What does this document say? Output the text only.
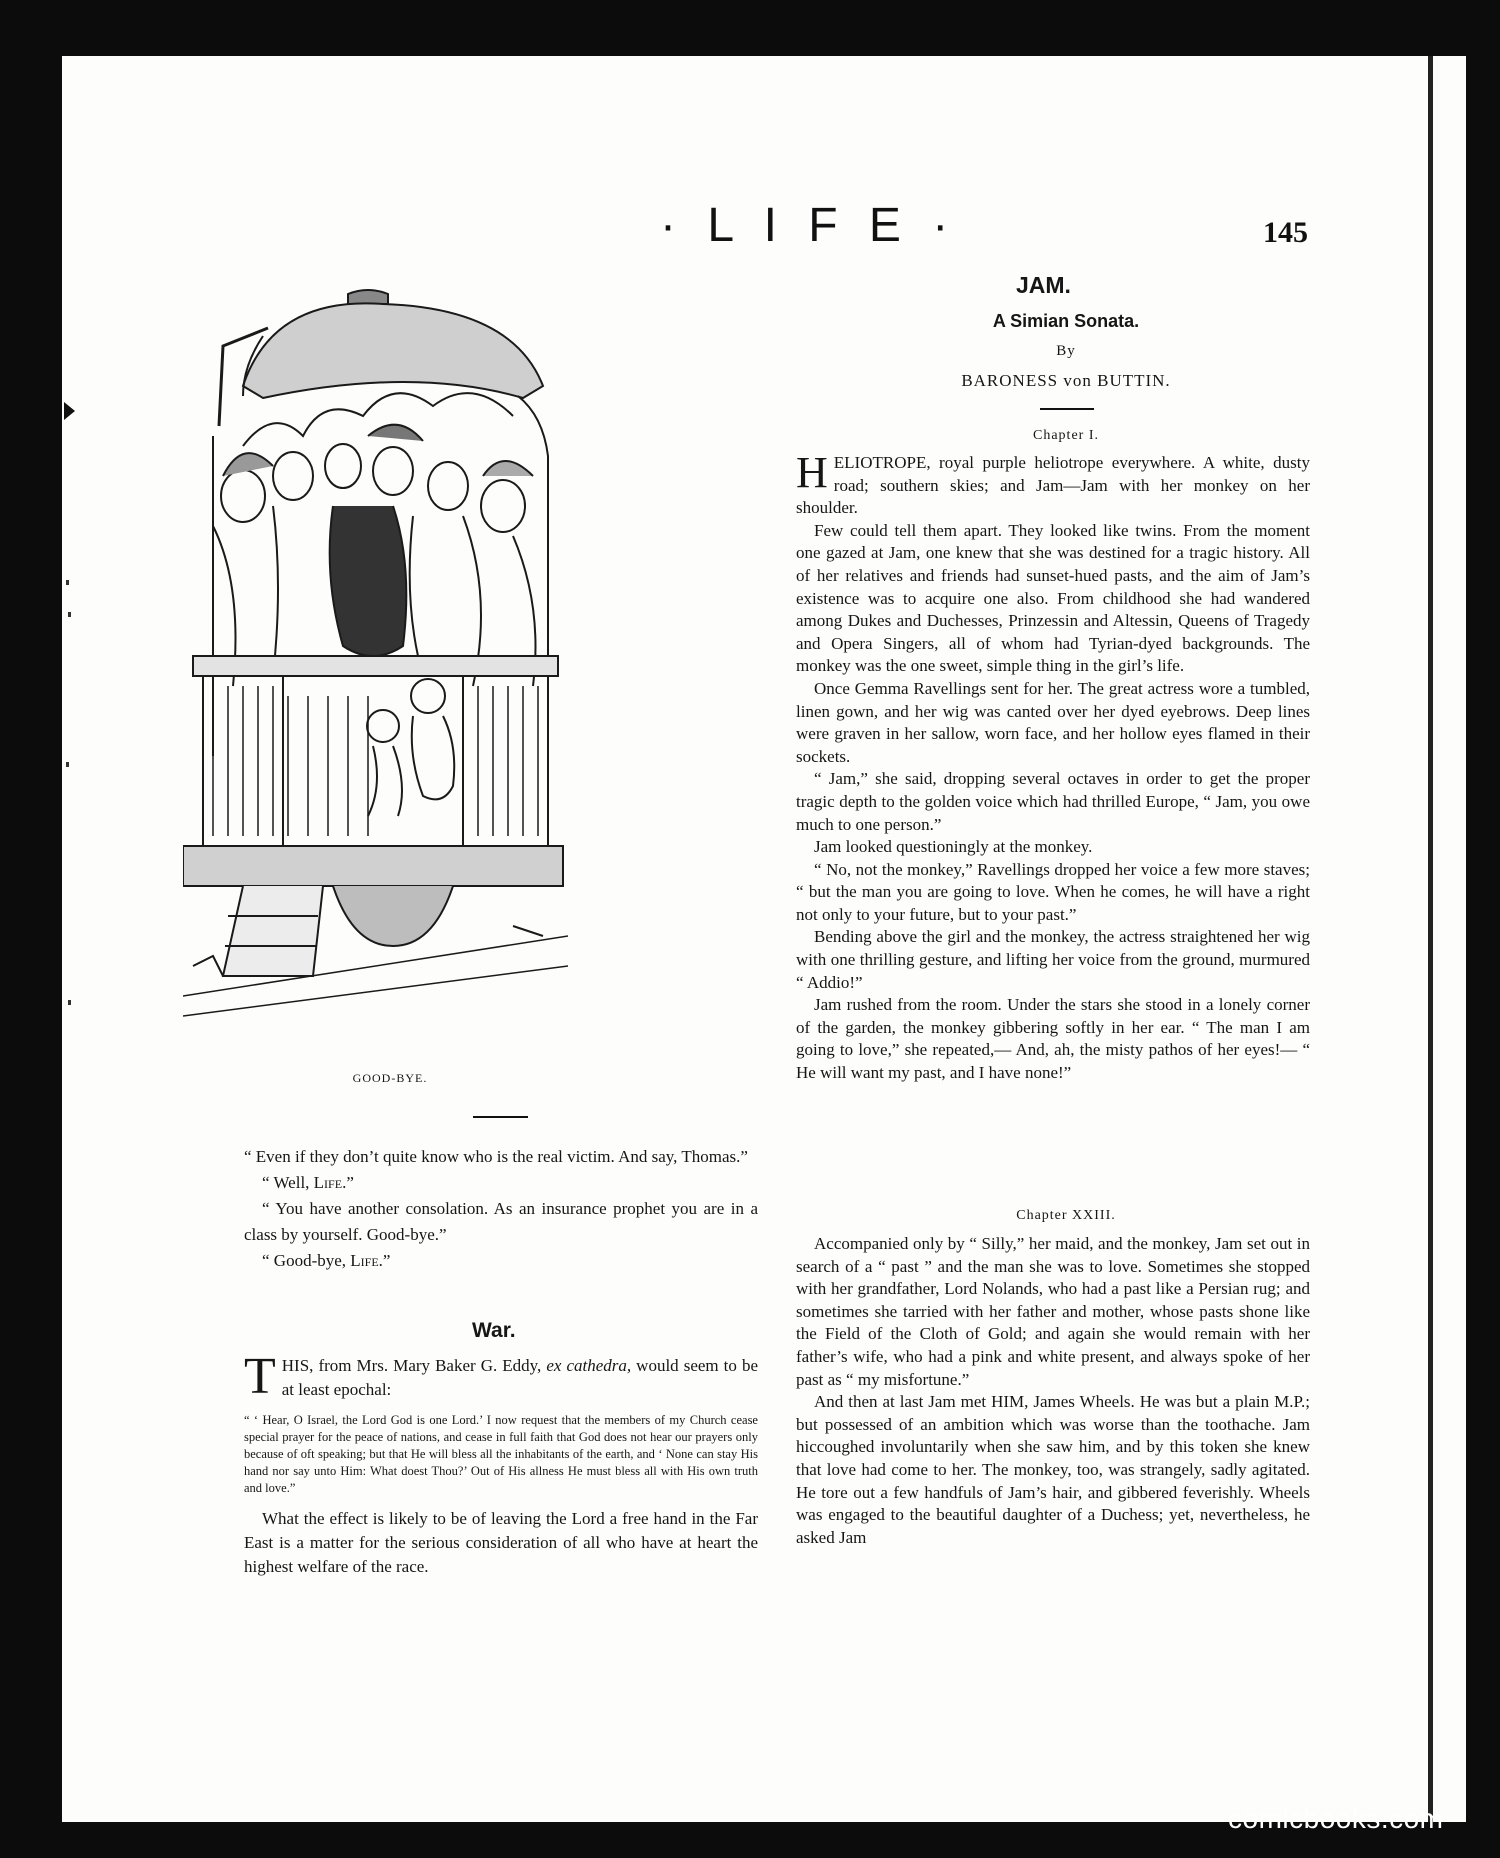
· L I F E ·	145
GOOD-BYE.

“ Even if they don’t quite know who is the real victim. And say, Thomas.”

“ Well, Life.”

“ You have another consolation. As an insurance prophet you are in a class by yourself. Good-bye.”

“ Good-bye, Life.”

War.

THIS, from Mrs. Mary Baker G. Eddy, ex cathedra, would seem to be at least epochal:

“ ‘ Hear, O Israel, the Lord God is one Lord.’ I now request that the members of my Church cease special prayer for the peace of nations, and cease in full faith that God does not hear our prayers only because of oft speaking; but that He will bless all the inhabitants of the earth, and ‘ None can stay His hand nor say unto Him: What doest Thou?’ Out of His allness He must bless all with His own truth and love.”

What the effect is likely to be of leaving the Lord a free hand in the Far East is a matter for the serious consideration of all who have at heart the highest welfare of the race.

JAM.
A Simian Sonata.
By
BARONESS von BUTTIN.
Chapter I.

HELIOTROPE, royal purple heliotrope everywhere. A white, dusty road; southern skies; and Jam—Jam with her monkey on her shoulder.

Few could tell them apart. They looked like twins. From the moment one gazed at Jam, one knew that she was destined for a tragic history. All of her relatives and friends had sunset-hued pasts, and the aim of Jam’s existence was to acquire one also. From childhood she had wandered among Dukes and Duchesses, Prinzessin and Altessin, Queens of Tragedy and Opera Singers, all of whom had Tyrian-dyed backgrounds. The monkey was the one sweet, simple thing in the girl’s life.

Once Gemma Ravellings sent for her. The great actress wore a tumbled, linen gown, and her wig was canted over her dyed eyebrows. Deep lines were graven in her sallow, worn face, and her hollow eyes flamed in their sockets.

“ Jam,” she said, dropping several octaves in order to get the proper tragic depth to the golden voice which had thrilled Europe, “ Jam, you owe much to one person.”

Jam looked questioningly at the monkey.

“ No, not the monkey,” Ravellings dropped her voice a few more staves; “ but the man you are going to love. When he comes, he will have a right not only to your future, but to your past.”

Bending above the girl and the monkey, the actress straightened her wig with one thrilling gesture, and lifting her voice from the ground, murmured “ Addio!”

Jam rushed from the room. Under the stars she stood in a lonely corner of the garden, the monkey gibbering softly in her ear. “ The man I am going to love,” she repeated,— And, ah, the misty pathos of her eyes!— “ He will want my past, and I have none!”

Chapter XXIII.

Accompanied only by “ Silly,” her maid, and the monkey, Jam set out in search of a “ past ” and the man she was to love. Sometimes she stopped with her grandfather, Lord Nolands, who had a past like a Persian rug; and sometimes she tarried with her father and mother, whose pasts shone like the Field of the Cloth of Gold; and again she would remain with her father’s wife, who had a pink and white present, and always spoke of her past as “ my misfortune.”

And then at last Jam met HIM, James Wheels. He was but a plain M.P.; but possessed of an ambition which was worse than the toothache. Jam hiccoughed involuntarily when she saw him, and by this token she knew that love had come to her. The monkey, too, was strangely, sadly agitated. He tore out a few handfuls of Jam’s hair, and gibbered feverishly. Wheels was engaged to the beautiful daughter of a Duchess; yet, nevertheless, he asked Jam

comicbooks.com
